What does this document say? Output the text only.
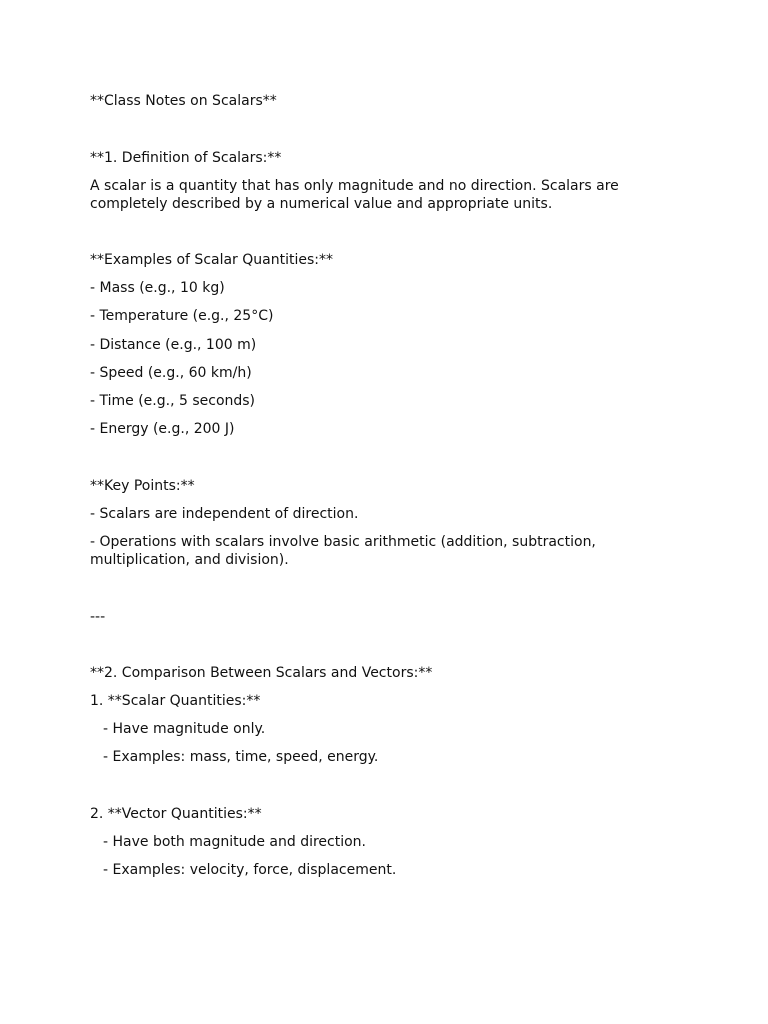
**Class Notes on Scalars**
**1. Definition of Scalars:**
A scalar is a quantity that has only magnitude and no direction. Scalars are completely described by a numerical value and appropriate units.
**Examples of Scalar Quantities:**
- Mass (e.g., 10 kg)
- Temperature (e.g., 25°C)
- Distance (e.g., 100 m)
- Speed (e.g., 60 km/h)
- Time (e.g., 5 seconds)
- Energy (e.g., 200 J)
**Key Points:**
- Scalars are independent of direction.
- Operations with scalars involve basic arithmetic (addition, subtraction, multiplication, and division).
---
**2. Comparison Between Scalars and Vectors:**
1. **Scalar Quantities:**
- Have magnitude only.
- Examples: mass, time, speed, energy.
2. **Vector Quantities:**
- Have both magnitude and direction.
- Examples: velocity, force, displacement.
